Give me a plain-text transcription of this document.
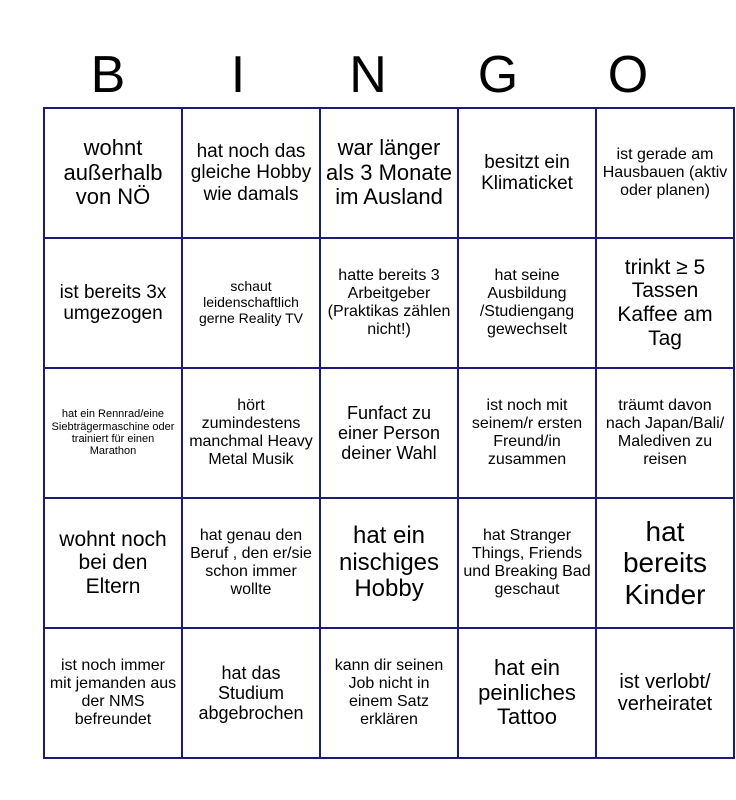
B	I	N	G	O
wohnt außerhalb von NÖ	hat noch das gleiche Hobby wie damals	war länger als 3 Monate im Ausland	besitzt ein Klimaticket	ist gerade am Hausbauen (aktiv oder planen)
ist bereits 3x umgezogen	schaut leidenschaftlich gerne Reality TV	hatte bereits 3 Arbeitgeber (Praktikas zählen nicht!)	hat seine Ausbildung /Studiengang gewechselt	trinkt ≥ 5 Tassen Kaffee am Tag
hat ein Rennrad/eine Siebträgermaschine oder trainiert für einen Marathon	hört zumindestens manchmal Heavy Metal Musik	Funfact zu einer Person deiner Wahl	ist noch mit seinem/r ersten Freund/in zusammen	träumt davon nach Japan/Bali/ Malediven zu reisen
wohnt noch bei den Eltern	hat genau den Beruf , den er/sie schon immer wollte	hat ein nischiges Hobby	hat Stranger Things, Friends und Breaking Bad geschaut	hat bereits Kinder
ist noch immer mit jemanden aus der NMS befreundet	hat das Studium abgebrochen	kann dir seinen Job nicht in einem Satz erklären	hat ein peinliches Tattoo	ist verlobt/ verheiratet
